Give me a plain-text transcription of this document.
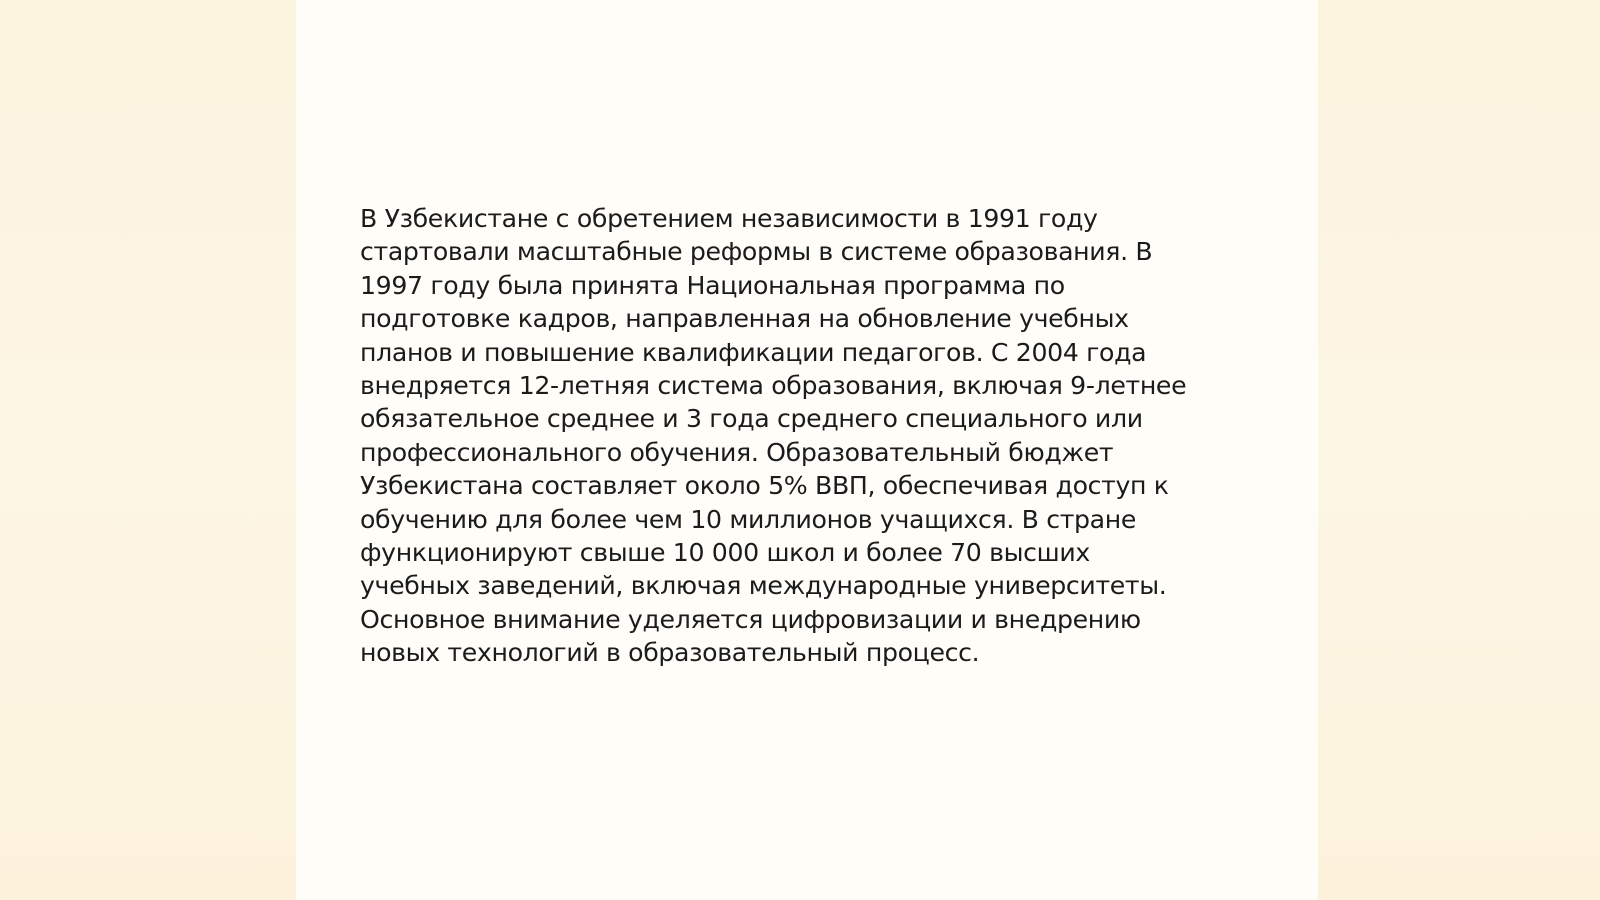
В Узбекистане с обретением независимости в 1991 году
стартовали масштабные реформы в системе образования. В
1997 году была принята Национальная программа по
подготовке кадров, направленная на обновление учебных
планов и повышение квалификации педагогов. С 2004 года
внедряется 12-летняя система образования, включая 9-летнее
обязательное среднее и 3 года среднего специального или
профессионального обучения. Образовательный бюджет
Узбекистана составляет около 5% ВВП, обеспечивая доступ к
обучению для более чем 10 миллионов учащихся. В стране
функционируют свыше 10 000 школ и более 70 высших
учебных заведений, включая международные университеты.
Основное внимание уделяется цифровизации и внедрению
новых технологий в образовательный процесс.
